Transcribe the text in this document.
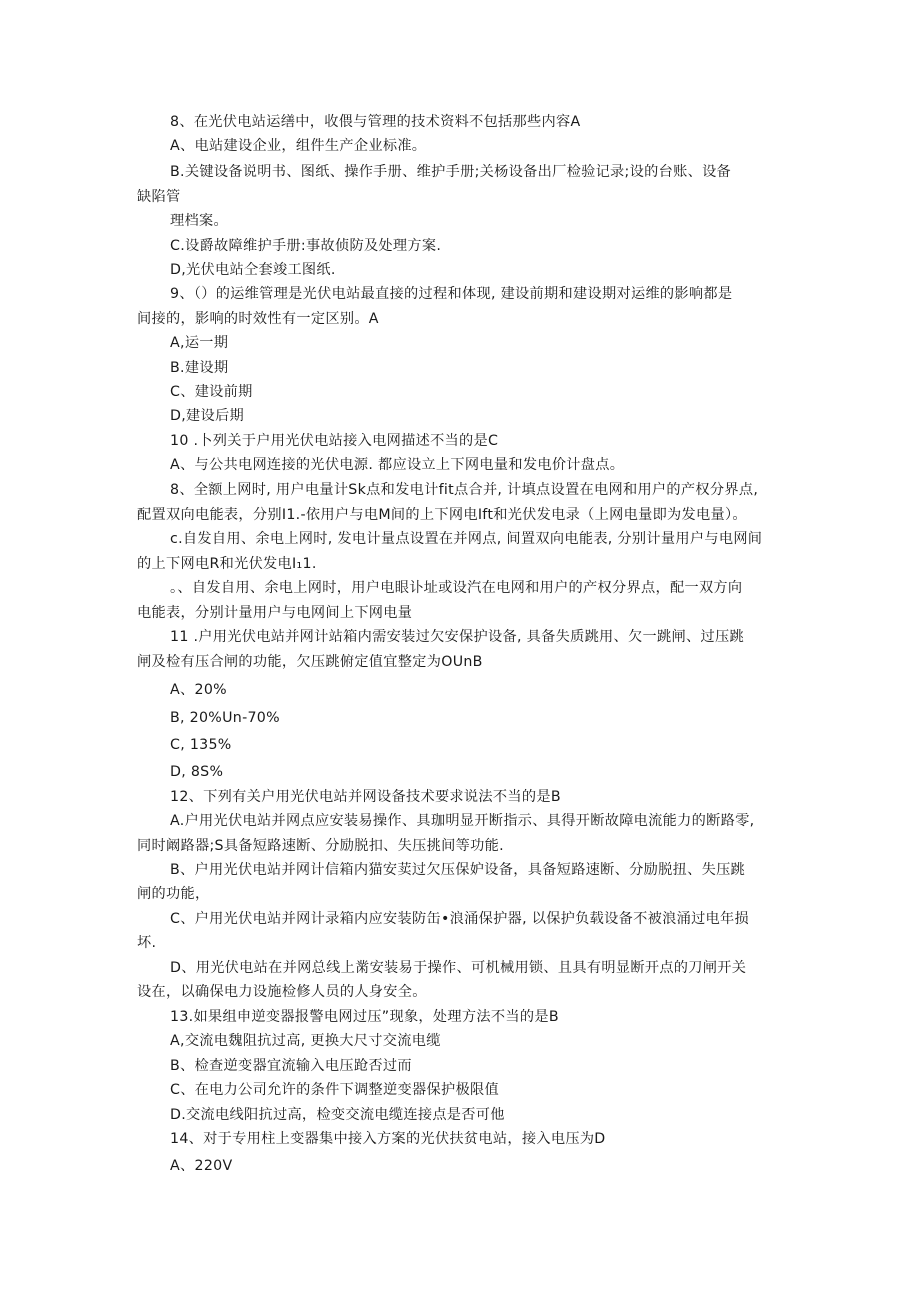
8、在光伏电站运缮中，收偎与管理的技术资料不包括那些内容A
A、电站建设企业，组件生产企业标准。
B.关键设备说明书、图纸、操作手册、维护手册;关杨设备出厂检验记录;设的台账、设备
缺陷管
理档案。
C.设爵故障维护手册:事故侦防及处理方案.
D,光伏电站仝套竣工图纸.
9、（）的运维管理是光伏电站最直接的过程和体现, 建设前期和建设期对运维的影响都是
间接的，影响的时效性有一定区别。A
A,运一期
B.建设期
C、建设前期
D,建设后期
10 .卜列关于户用光伏电站接入电网描述不当的是C
A、与公共电网连接的光伏电源. 都应设立上下网电量和发电价计盘点。
8、全额上网时, 用户电量计Sk点和发电计fit点合并, 计填点设置在电网和用户的产权分界点,
配置双向电能表，分别I1.-依用户与电M间的上下网电Ift和光伏发电录（上网电量即为发电量）。
c.自发自用、余电上网时, 发电计量点设置在并网点, 间置双向电能表, 分别计量用户与电网间
的上下网电R和光伏发电I₁1.
。、自发自用、余电上网时，用户电眼讣址或设汽在电网和用户的产权分界点，配一双方向
电能表，分别计量用户与电网间上下网电量
11 .户用光伏电站并网计站箱内需安装过欠安保护设备, 具备失质跳用、欠一跳闸、过压跳
闸及检有压合闸的功能，欠压跳俯定值宜整定为OUnB
A、20%
B, 20%Un-70%
C, 135%
D, 8S%
12、下列有关户用光伏电站并网设备技术要求说法不当的是B
A.户用光伏电站并网点应安装易操作、具珈明显开断指示、具得开断故障电流能力的断路零,
同时阚路器;S具备短路速断、分励脱扣、失压挑间等功能.
B、户用光伏电站并网计信箱内猫安荬过欠压保妒设备，具备短路速断、分励脱扭、失压跳
闸的功能，
C、户用光伏电站并网计录箱内应安装防缶•浪涌保护器, 以保护负载设备不被浪涌过电年损
坏.
D、用光伏电站在并网总线上黹安装易于操作、可机械用锁、且具有明显断开点的刀闸开关
设在，以确保电力设施检修人员的人身安全。
13.如果组申逆变器报警电网过压”现象，处理方法不当的是B
A,交流电魏阻抗过高, 更换大尺寸交流电缆
B、检查逆变器宜流输入电压跄否过而
C、在电力公司允许的条件下调整逆变器保护极限值
D.交流电线阳抗过高，检变交流电缆连接点是否可他
14、对于专用柱上变器集中接入方案的光伏扶贫电站，接入电压为D
A、220V
